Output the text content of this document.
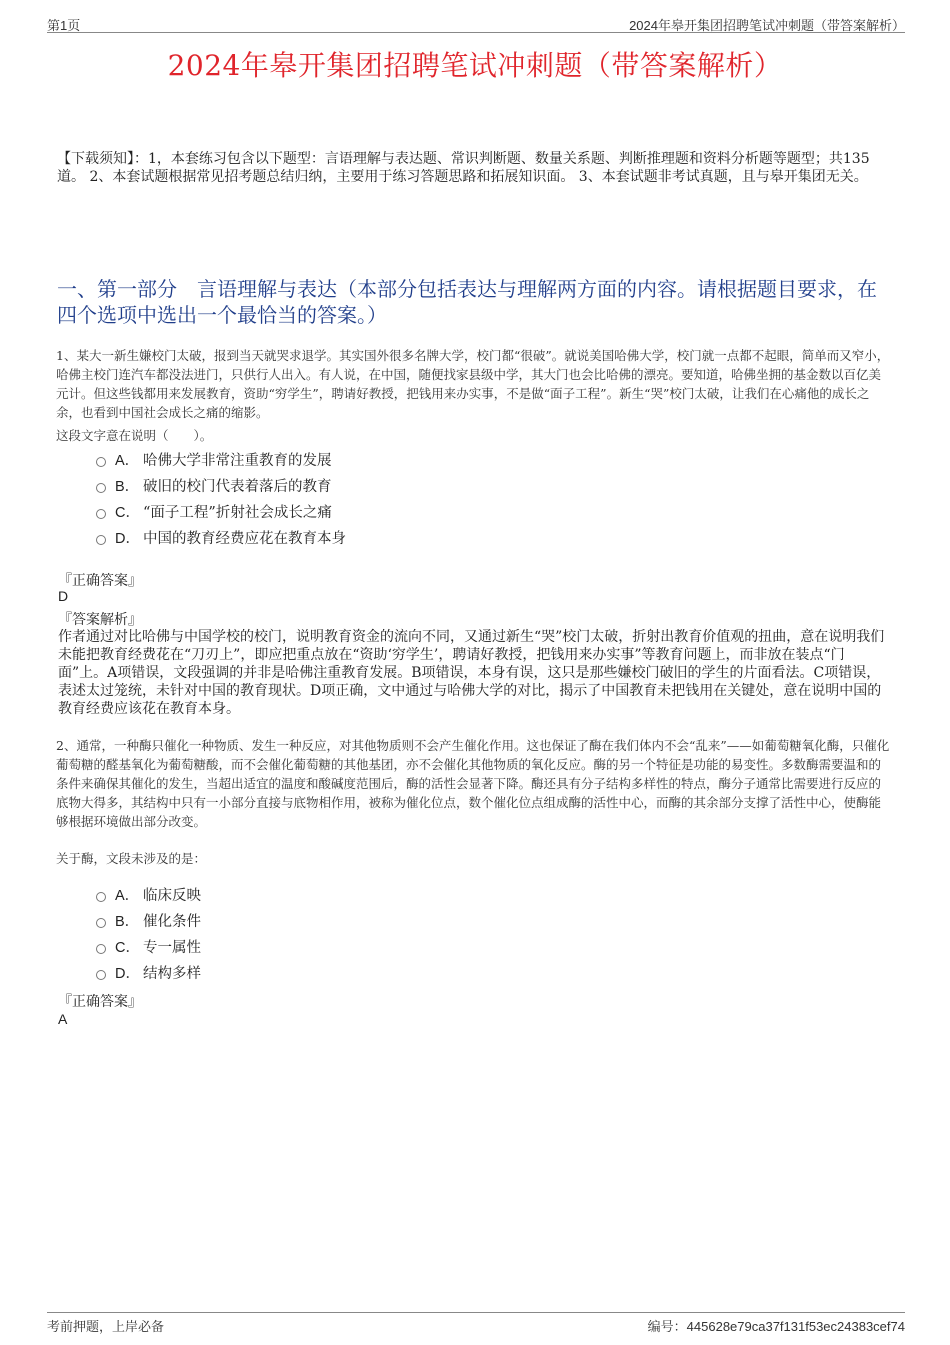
第1页	2024年皋开集团招聘笔试冲刺题（带答案解析）
2024年皋开集团招聘笔试冲刺题（带答案解析）
【下载须知】：1，本套练习包含以下题型：言语理解与表达题、常识判断题、数量关系题、判断推理题和资料分析题等题型；共135道。 2、本套试题根据常见招考题总结归纳，主要用于练习答题思路和拓展知识面。 3、本套试题非考试真题，且与皋开集团无关。
一、第一部分　言语理解与表达（本部分包括表达与理解两方面的内容。请根据题目要求，在四个选项中选出一个最恰当的答案。）
1、某大一新生嫌校门太破，报到当天就哭求退学。其实国外很多名牌大学，校门都“很破”。就说美国哈佛大学，校门就一点都不起眼，简单而又窄小，哈佛主校门连汽车都没法进门，只供行人出入。有人说，在中国，随便找家县级中学，其大门也会比哈佛的漂亮。要知道，哈佛坐拥的基金数以百亿美元计。但这些钱都用来发展教育，资助“穷学生”，聘请好教授，把钱用来办实事，不是做“面子工程”。新生“哭”校门太破，让我们在心痛他的成长之余，也看到中国社会成长之痛的缩影。
这段文字意在说明（　　）。
A． 哈佛大学非常注重教育的发展
B． 破旧的校门代表着落后的教育
C． “面子工程”折射社会成长之痛
D． 中国的教育经费应花在教育本身
『正确答案』
D
『答案解析』
作者通过对比哈佛与中国学校的校门，说明教育资金的流向不同，又通过新生“哭”校门太破，折射出教育价值观的扭曲，意在说明我们未能把教育经费花在“刀刃上”，即应把重点放在“资助‘穷学生’，聘请好教授，把钱用来办实事”等教育问题上，而非放在装点“门面”上。A项错误，文段强调的并非是哈佛注重教育发展。B项错误，本身有误，这只是那些嫌校门破旧的学生的片面看法。C项错误，表述太过笼统，未针对中国的教育现状。D项正确，文中通过与哈佛大学的对比，揭示了中国教育未把钱用在关键处，意在说明中国的教育经费应该花在教育本身。
2、通常，一种酶只催化一种物质、发生一种反应，对其他物质则不会产生催化作用。这也保证了酶在我们体内不会“乱来”——如葡萄糖氧化酶，只催化葡萄糖的醛基氧化为葡萄糖酸，而不会催化葡萄糖的其他基团，亦不会催化其他物质的氧化反应。酶的另一个特征是功能的易变性。多数酶需要温和的条件来确保其催化的发生，当超出适宜的温度和酸碱度范围后，酶的活性会显著下降。酶还具有分子结构多样性的特点，酶分子通常比需要进行反应的底物大得多，其结构中只有一小部分直接与底物相作用，被称为催化位点，数个催化位点组成酶的活性中心，而酶的其余部分支撑了活性中心，使酶能够根据环境做出部分改变。
关于酶，文段未涉及的是：
A． 临床反映
B． 催化条件
C． 专一属性
D． 结构多样
『正确答案』
A
考前押题，上岸必备	编号：445628e79ca37f131f53ec24383cef74
